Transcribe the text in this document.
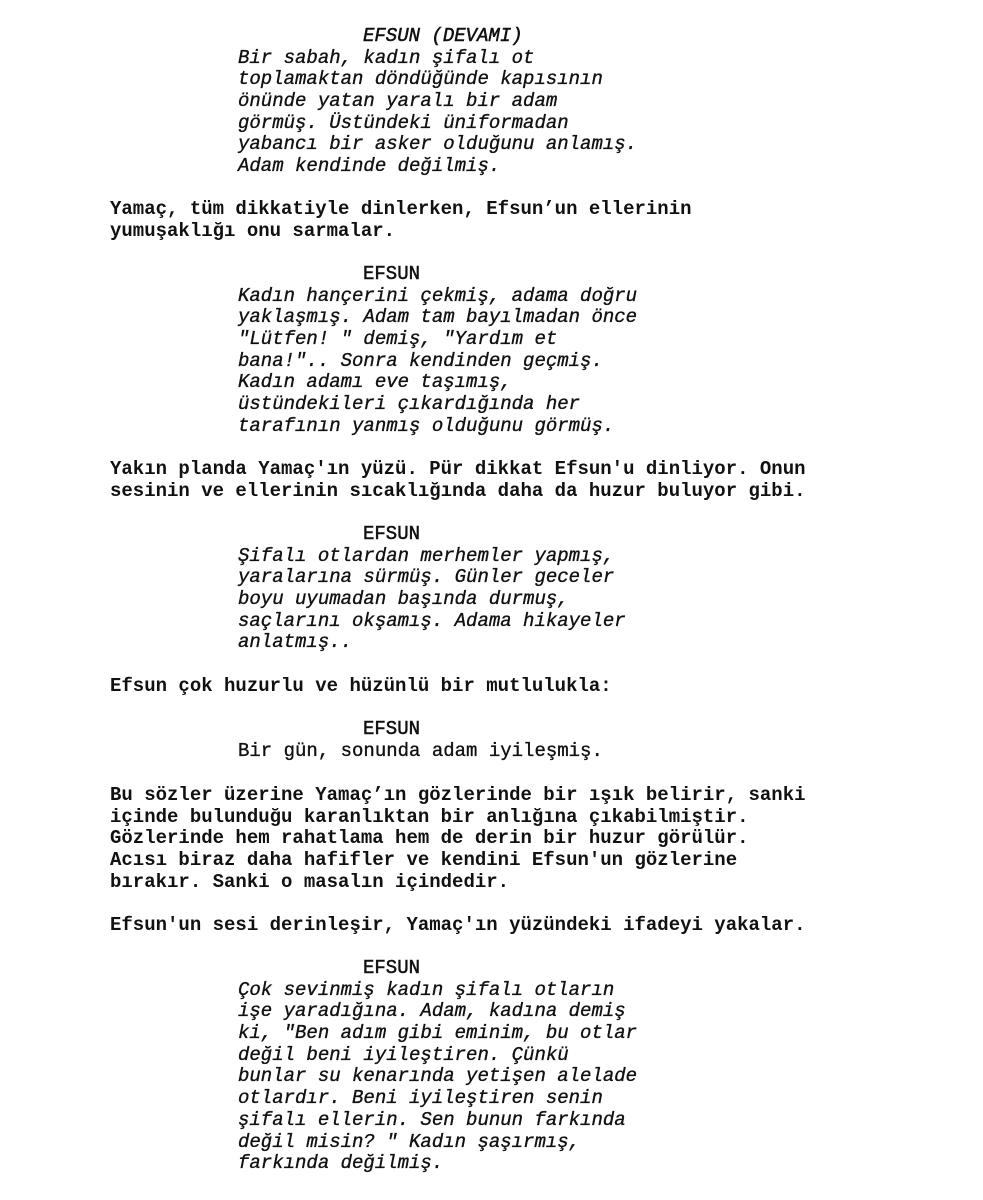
EFSUN (DEVAMI)

Bir sabah, kadın şifalı ot

toplamaktan döndüğünde kapısının

önünde yatan yaralı bir adam

görmüş. Üstündeki üniformadan

yabancı bir asker olduğunu anlamış.

Adam kendinde değilmiş.

Yamaç, tüm dikkatiyle dinlerken, Efsun’un ellerinin

yumuşaklığı onu sarmalar.

EFSUN

Kadın hançerini çekmiş, adama doğru

yaklaşmış. Adam tam bayılmadan önce

"Lütfen! " demiş, "Yardım et

bana!".. Sonra kendinden geçmiş.

Kadın adamı eve taşımış,

üstündekileri çıkardığında her

tarafının yanmış olduğunu görmüş.

Yakın planda Yamaç'ın yüzü. Pür dikkat Efsun'u dinliyor. Onun

sesinin ve ellerinin sıcaklığında daha da huzur buluyor gibi.

EFSUN

Şifalı otlardan merhemler yapmış,

yaralarına sürmüş. Günler geceler

boyu uyumadan başında durmuş,

saçlarını okşamış. Adama hikayeler

anlatmış..

Efsun çok huzurlu ve hüzünlü bir mutlulukla:

EFSUN

Bir gün, sonunda adam iyileşmiş.

Bu sözler üzerine Yamaç’ın gözlerinde bir ışık belirir, sanki

içinde bulunduğu karanlıktan bir anlığına çıkabilmiştir.

Gözlerinde hem rahatlama hem de derin bir huzur görülür.

Acısı biraz daha hafifler ve kendini Efsun'un gözlerine

bırakır. Sanki o masalın içindedir.

Efsun'un sesi derinleşir, Yamaç'ın yüzündeki ifadeyi yakalar.

EFSUN

Çok sevinmiş kadın şifalı otların

işe yaradığına. Adam, kadına demiş

ki, "Ben adım gibi eminim, bu otlar

değil beni iyileştiren. Çünkü

bunlar su kenarında yetişen alelade

otlardır. Beni iyileştiren senin

şifalı ellerin. Sen bunun farkında

değil misin? " Kadın şaşırmış,

farkında değilmiş.
